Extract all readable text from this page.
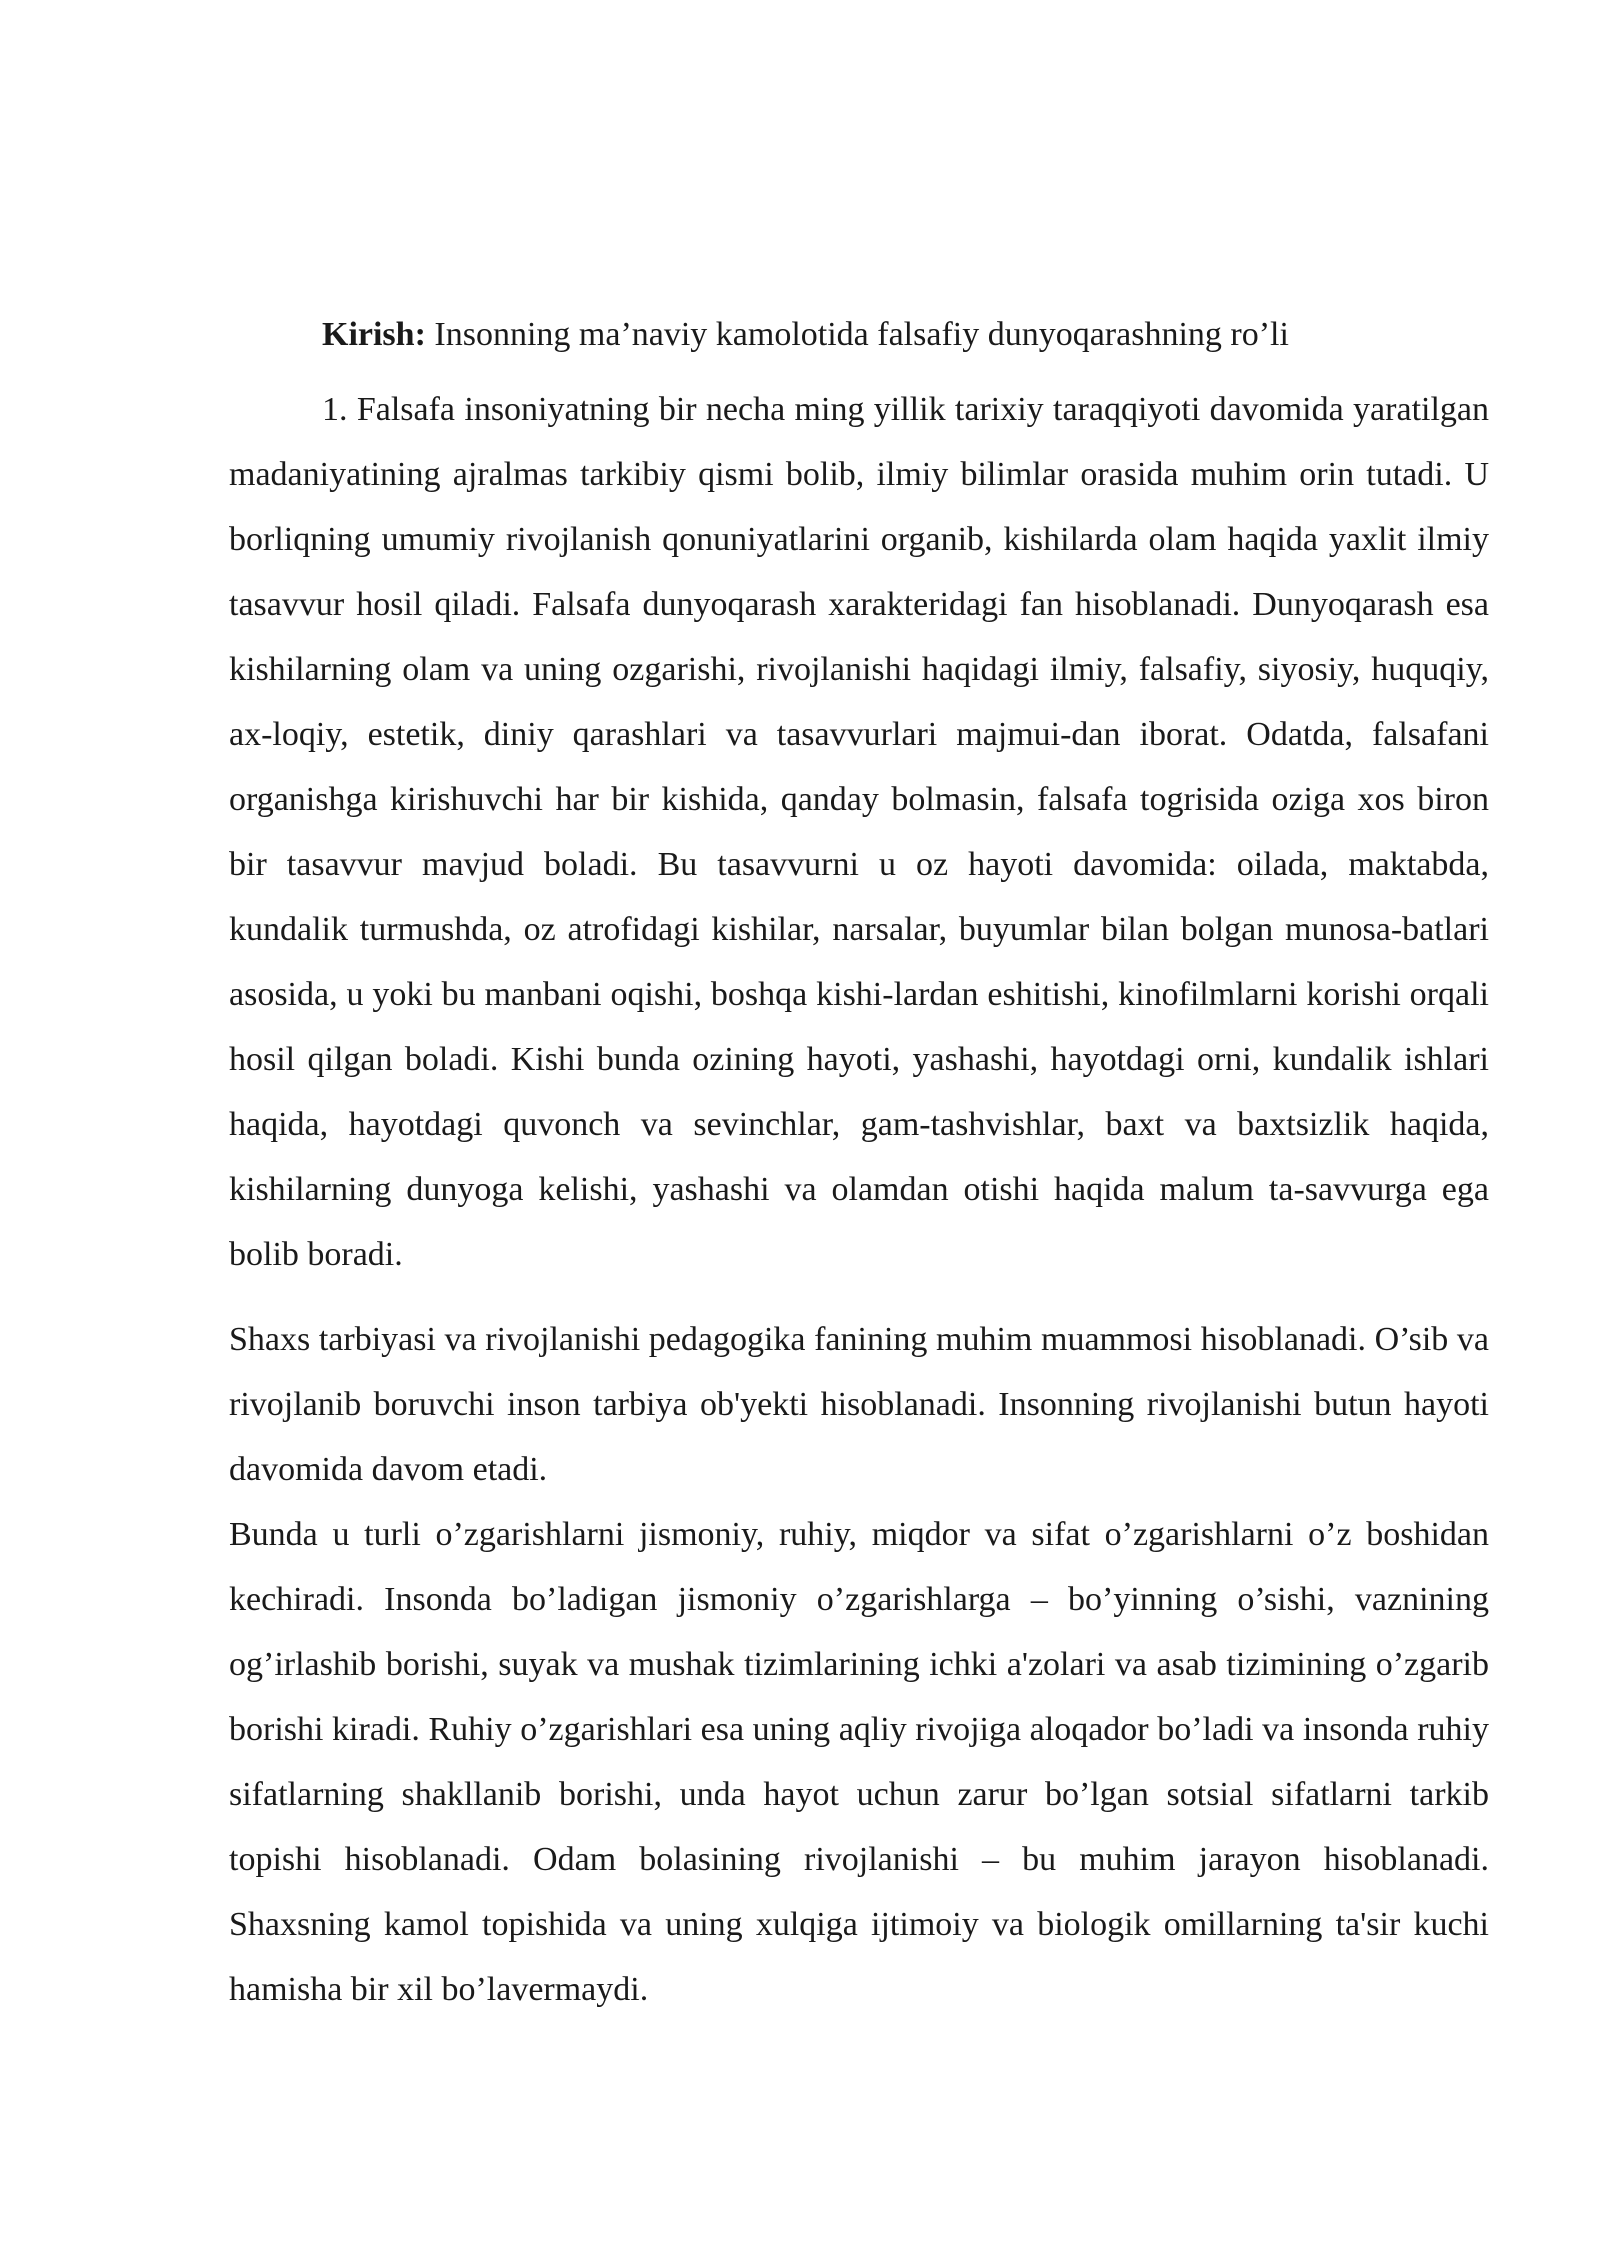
Kirish: Insonning ma’naviy kamolotida falsafiy dunyoqarashning ro’li

1. Falsafa insoniyatning bir necha ming yillik tarixiy taraqqiyoti davomida yaratilgan madaniyatining ajralmas tarkibiy qismi bolib, ilmiy bilimlar orasida muhim orin tutadi. U borliqning umumiy rivojlanish qonuniyatlarini organib, kishilarda olam haqida yaxlit ilmiy tasavvur hosil qiladi. Falsafa dunyoqarash xarakteridagi fan hisoblanadi. Dunyoqarash esa kishilarning olam va uning ozgarishi, rivojlanishi haqidagi ilmiy, falsafiy, siyosiy, huquqiy, ax-loqiy, estetik, diniy qarashlari va tasavvurlari majmui-dan iborat. Odatda, falsafani organishga kirishuvchi har bir kishida, qanday bolmasin, falsafa togrisida oziga xos biron bir tasavvur mavjud boladi. Bu tasavvurni u oz hayoti davomida: oilada, maktabda, kundalik turmushda, oz atrofidagi kishilar, narsalar, buyumlar bilan bolgan munosa-batlari asosida, u yoki bu manbani oqishi, boshqa kishi-lardan eshitishi, kinofilmlarni korishi orqali hosil qilgan boladi. Kishi bunda ozining hayoti, yashashi, hayotdagi orni, kundalik ishlari haqida, hayotdagi quvonch va sevinchlar, gam-tashvishlar, baxt va baxtsizlik haqida, kishilarning dunyoga kelishi, yashashi va olamdan otishi haqida malum ta-savvurga ega bolib boradi.

Shaxs tarbiyasi va rivojlanishi pedagogika fanining muhim muammosi hisoblanadi. O’sib va rivojlanib boruvchi inson tarbiya ob'yekti hisoblanadi. Insonning rivojlanishi butun hayoti davomida davom etadi.

Bunda u turli o’zgarishlarni jismoniy, ruhiy, miqdor va sifat o’zgarishlarni o’z boshidan kechiradi. Insonda bo’ladigan jismoniy o’zgarishlarga – bo’yinning o’sishi, vaznining og’irlashib borishi, suyak va mushak tizimlarining ichki a'zolari va asab tizimining o’zgarib borishi kiradi. Ruhiy o’zgarishlari esa uning aqliy rivojiga aloqador bo’ladi va insonda ruhiy sifatlarning shakllanib borishi, unda hayot uchun zarur bo’lgan sotsial sifatlarni tarkib topishi hisoblanadi. Odam bolasining rivojlanishi – bu muhim jarayon hisoblanadi. Shaxsning kamol topishida va uning xulqiga ijtimoiy va biologik omillarning ta'sir kuchi hamisha bir xil bo’lavermaydi.
